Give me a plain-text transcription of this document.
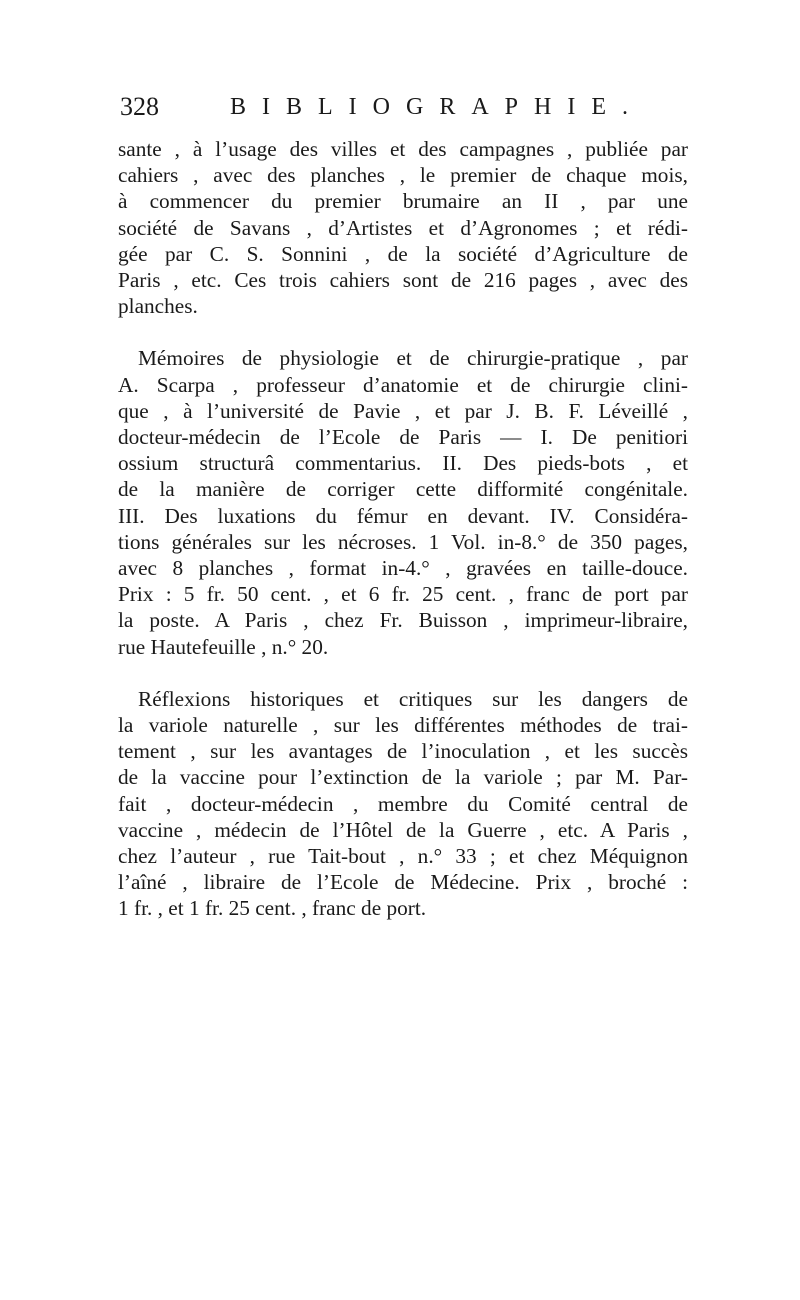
328	BIBLIOGRAPHIE.

sante , à l’usage des villes et des campagnes , publiée par
cahiers , avec des planches , le premier de chaque mois,
à commencer du premier brumaire an II , par une
société de Savans , d’Artistes et d’Agronomes ; et rédi-
gée par C. S. Sonnini , de la société d’Agriculture de
Paris , etc. Ces trois cahiers sont de 216 pages , avec des
planches.

Mémoires de physiologie et de chirurgie-pratique , par
A. Scarpa , professeur d’anatomie et de chirurgie clini-
que , à l’université de Pavie , et par J. B. F. Léveillé ,
docteur-médecin de l’Ecole de Paris — I. De penitiori
ossium structurâ commentarius. II. Des pieds-bots , et
de la manière de corriger cette difformité congénitale.
III. Des luxations du fémur en devant. IV. Considéra-
tions générales sur les nécroses. 1 Vol. in-8.° de 350 pages,
avec 8 planches , format in-4.° , gravées en taille-douce.
Prix : 5 fr. 50 cent. , et 6 fr. 25 cent. , franc de port par
la poste. A Paris , chez Fr. Buisson , imprimeur-libraire,
rue Hautefeuille , n.° 20.

Réflexions historiques et critiques sur les dangers de
la variole naturelle , sur les différentes méthodes de trai-
tement , sur les avantages de l’inoculation , et les succès
de la vaccine pour l’extinction de la variole ; par M. Par-
fait , docteur-médecin , membre du Comité central de
vaccine , médecin de l’Hôtel de la Guerre , etc. A Paris ,
chez l’auteur , rue Tait-bout , n.° 33 ; et chez Méquignon
l’aîné , libraire de l’Ecole de Médecine. Prix , broché :
1 fr. , et 1 fr. 25 cent. , franc de port.
